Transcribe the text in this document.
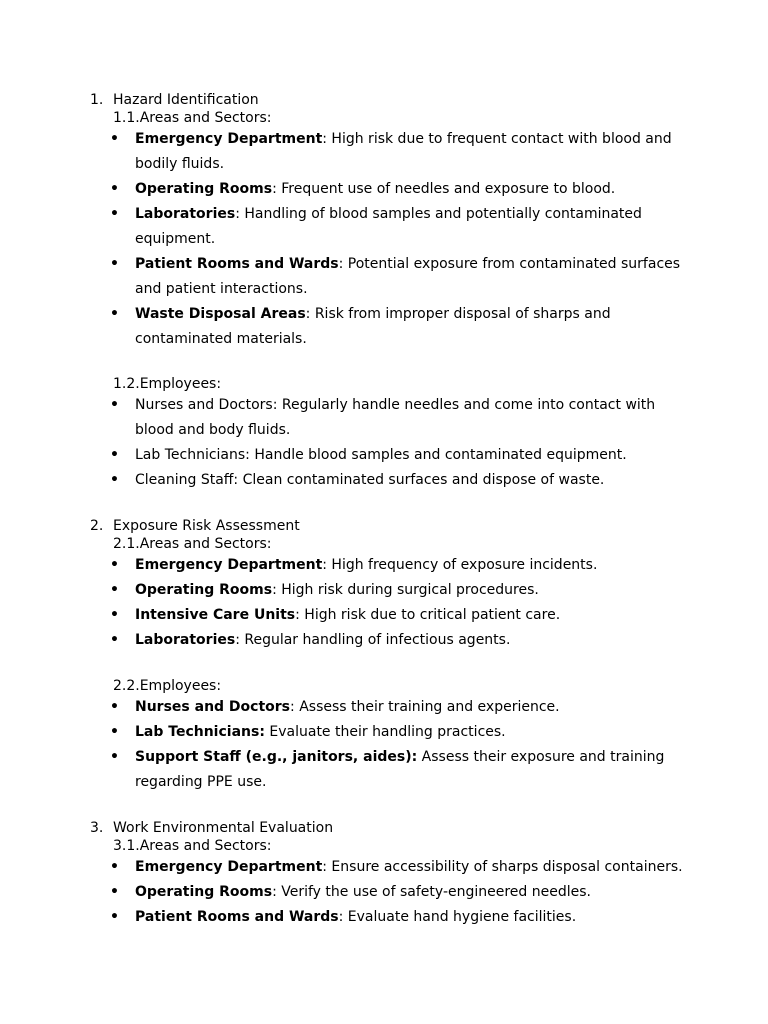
1. Hazard Identification
1.1.Areas and Sectors:
• Emergency Department: High risk due to frequent contact with blood and bodily fluids.
• Operating Rooms: Frequent use of needles and exposure to blood.
• Laboratories: Handling of blood samples and potentially contaminated equipment.
• Patient Rooms and Wards: Potential exposure from contaminated surfaces and patient interactions.
• Waste Disposal Areas: Risk from improper disposal of sharps and contaminated materials.
1.2.Employees:
• Nurses and Doctors: Regularly handle needles and come into contact with blood and body fluids.
• Lab Technicians: Handle blood samples and contaminated equipment.
• Cleaning Staff: Clean contaminated surfaces and dispose of waste.
2. Exposure Risk Assessment
2.1.Areas and Sectors:
• Emergency Department: High frequency of exposure incidents.
• Operating Rooms: High risk during surgical procedures.
• Intensive Care Units: High risk due to critical patient care.
• Laboratories: Regular handling of infectious agents.
2.2.Employees:
• Nurses and Doctors: Assess their training and experience.
• Lab Technicians: Evaluate their handling practices.
• Support Staff (e.g., janitors, aides): Assess their exposure and training regarding PPE use.
3. Work Environmental Evaluation
3.1.Areas and Sectors:
• Emergency Department: Ensure accessibility of sharps disposal containers.
• Operating Rooms: Verify the use of safety-engineered needles.
• Patient Rooms and Wards: Evaluate hand hygiene facilities.
